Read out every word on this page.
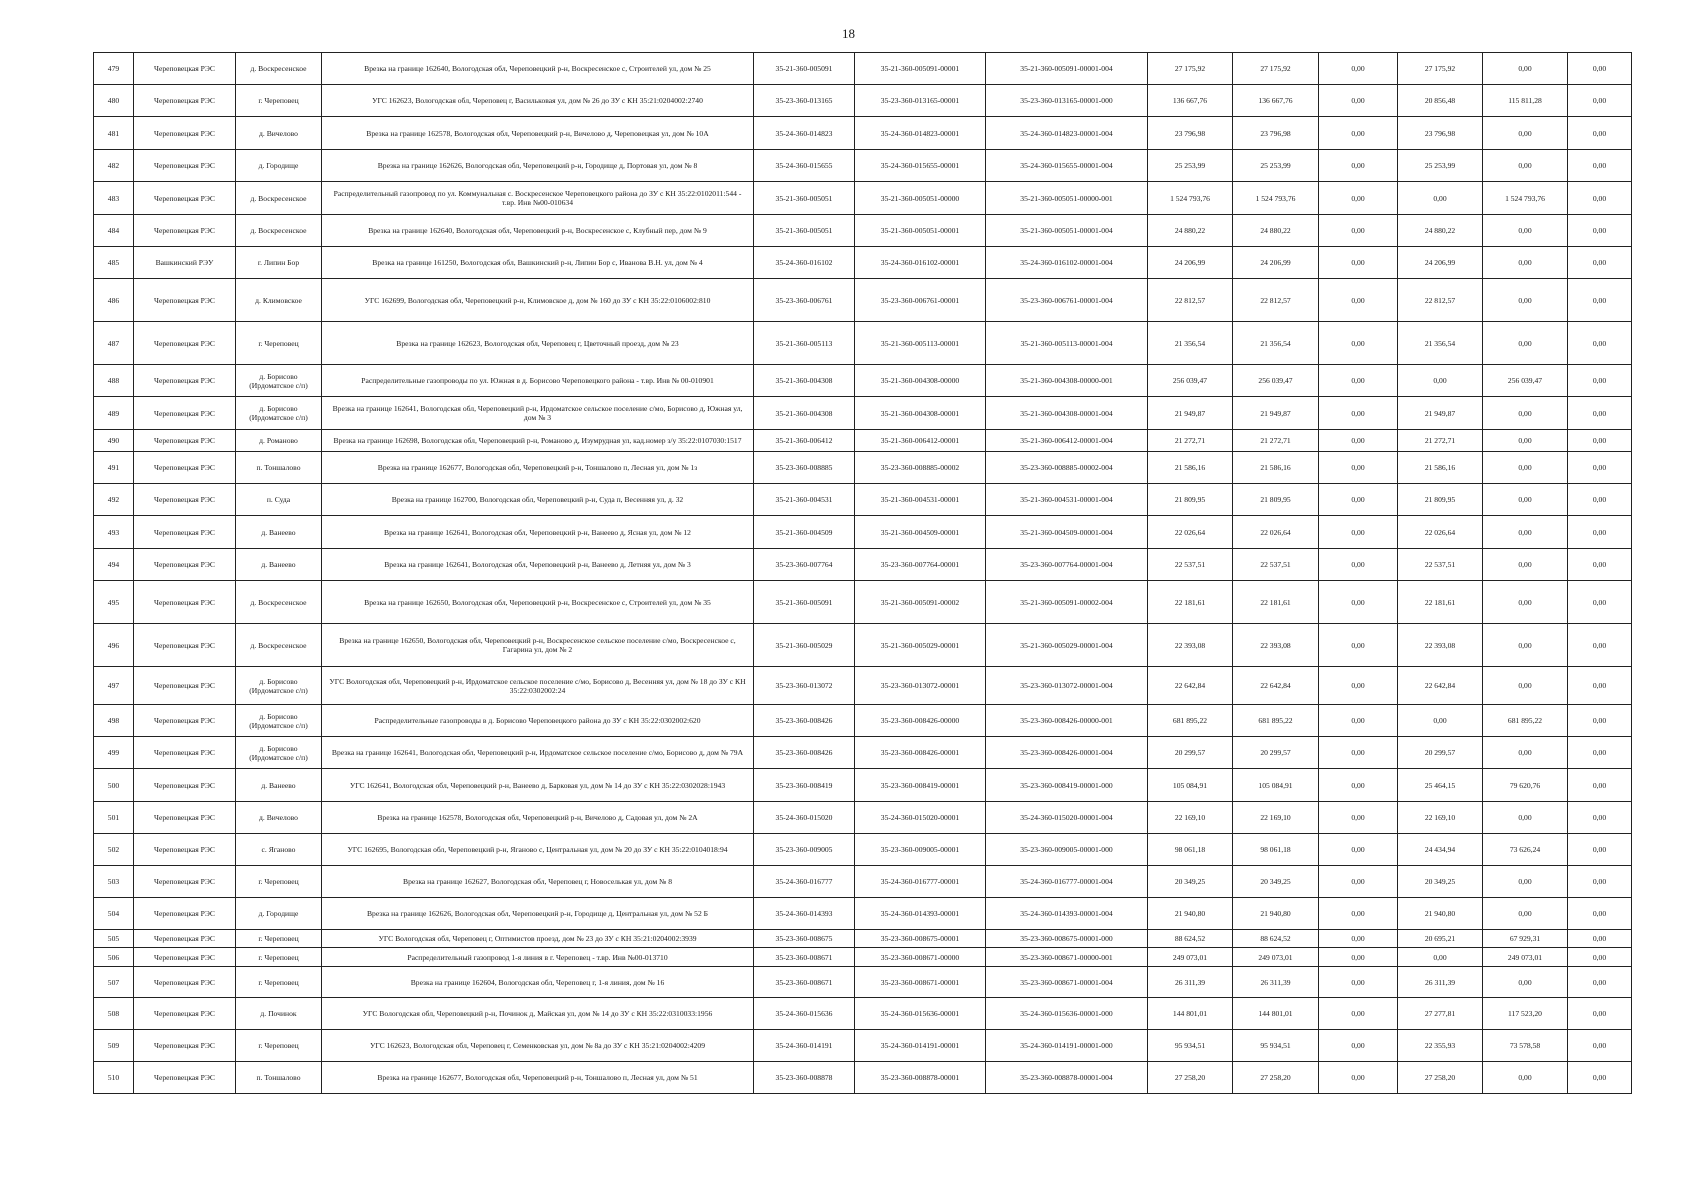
18
479	Череповецкая РЭС	д. Воскресенское	Врезка на границе 162640, Вологодская обл, Череповецкий р-н, Воскресенское с, Строителей ул, дом № 25	35-21-360-005091	35-21-360-005091-00001	35-21-360-005091-00001-004	27 175,92	27 175,92	0,00	27 175,92	0,00	0,00
480	Череповецкая РЭС	г. Череповец	УГС 162623, Вологодская обл, Череповец г, Васильковая ул, дом № 26 до ЗУ с КН 35:21:0204002:2740	35-23-360-013165	35-23-360-013165-00001	35-23-360-013165-00001-000	136 667,76	136 667,76	0,00	20 856,48	115 811,28	0,00
481	Череповецкая РЭС	д. Вичелово	Врезка на границе 162578, Вологодская обл, Череповецкий р-н, Вичелово д, Череповецкая ул, дом № 10А	35-24-360-014823	35-24-360-014823-00001	35-24-360-014823-00001-004	23 796,98	23 796,98	0,00	23 796,98	0,00	0,00
482	Череповецкая РЭС	д. Городище	Врезка на границе 162626, Вологодская обл, Череповецкий р-н, Городище д, Портовая ул, дом № 8	35-24-360-015655	35-24-360-015655-00001	35-24-360-015655-00001-004	25 253,99	25 253,99	0,00	25 253,99	0,00	0,00
483	Череповецкая РЭС	д. Воскресенское	Распределительный газопровод по ул. Коммунальная с. Воскресенское Череповецкого района до ЗУ с КН 35:22:0102011:544 - т.вр. Инв №00-010634	35-21-360-005051	35-21-360-005051-00000	35-21-360-005051-00000-001	1 524 793,76	1 524 793,76	0,00	0,00	1 524 793,76	0,00
484	Череповецкая РЭС	д. Воскресенское	Врезка на границе 162640, Вологодская обл, Череповецкий р-н, Воскресенское с, Клубный пер, дом № 9	35-21-360-005051	35-21-360-005051-00001	35-21-360-005051-00001-004	24 880,22	24 880,22	0,00	24 880,22	0,00	0,00
485	Вашкинский РЭУ	г. Липин Бор	Врезка на границе 161250, Вологодская обл, Вашкинский р-н, Липин Бор с, Иванова В.Н. ул, дом № 4	35-24-360-016102	35-24-360-016102-00001	35-24-360-016102-00001-004	24 206,99	24 206,99	0,00	24 206,99	0,00	0,00
486	Череповецкая РЭС	д. Климовское	УГС 162699, Вологодская обл, Череповецкий р-н, Климовское д, дом № 160 до ЗУ с КН 35:22:0106002:810	35-23-360-006761	35-23-360-006761-00001	35-23-360-006761-00001-004	22 812,57	22 812,57	0,00	22 812,57	0,00	0,00
487	Череповецкая РЭС	г. Череповец	Врезка на границе 162623, Вологодская обл, Череповец г, Цветочный проезд, дом № 23	35-21-360-005113	35-21-360-005113-00001	35-21-360-005113-00001-004	21 356,54	21 356,54	0,00	21 356,54	0,00	0,00
488	Череповецкая РЭС	д. Борисово (Ирдоматское с/п)	Распределительные газопроводы по ул. Южная в д. Борисово Череповецкого района - т.вр. Инв № 00-010901	35-21-360-004308	35-21-360-004308-00000	35-21-360-004308-00000-001	256 039,47	256 039,47	0,00	0,00	256 039,47	0,00
489	Череповецкая РЭС	д. Борисово (Ирдоматское с/п)	Врезка на границе 162641, Вологодская обл, Череповецкий р-н, Ирдоматское сельское поселение с/мо, Борисово д, Южная ул, дом № 3	35-21-360-004308	35-21-360-004308-00001	35-21-360-004308-00001-004	21 949,87	21 949,87	0,00	21 949,87	0,00	0,00
490	Череповецкая РЭС	д. Романово	Врезка на границе 162698, Вологодская обл, Череповецкий р-н, Романово д, Изумрудная ул, кад.номер з/у 35:22:0107030:1517	35-21-360-006412	35-21-360-006412-00001	35-21-360-006412-00001-004	21 272,71	21 272,71	0,00	21 272,71	0,00	0,00
491	Череповецкая РЭС	п. Тоншалово	Врезка на границе 162677, Вологодская обл, Череповецкий р-н, Тоншалово п, Лесная ул, дом № 1з	35-23-360-008885	35-23-360-008885-00002	35-23-360-008885-00002-004	21 586,16	21 586,16	0,00	21 586,16	0,00	0,00
492	Череповецкая РЭС	п. Суда	Врезка на границе 162700, Вологодская обл, Череповецкий р-н, Суда п, Весенняя ул, д. 32	35-21-360-004531	35-21-360-004531-00001	35-21-360-004531-00001-004	21 809,95	21 809,95	0,00	21 809,95	0,00	0,00
493	Череповецкая РЭС	д. Ванеево	Врезка на границе 162641, Вологодская обл, Череповецкий р-н, Ванеево д, Ясная ул, дом № 12	35-21-360-004509	35-21-360-004509-00001	35-21-360-004509-00001-004	22 026,64	22 026,64	0,00	22 026,64	0,00	0,00
494	Череповецкая РЭС	д. Ванеево	Врезка на границе 162641, Вологодская обл, Череповецкий р-н, Ванеево д, Летняя ул, дом № 3	35-23-360-007764	35-23-360-007764-00001	35-23-360-007764-00001-004	22 537,51	22 537,51	0,00	22 537,51	0,00	0,00
495	Череповецкая РЭС	д. Воскресенское	Врезка на границе 162650, Вологодская обл, Череповецкий р-н, Воскресенское с, Строителей ул, дом № 35	35-21-360-005091	35-21-360-005091-00002	35-21-360-005091-00002-004	22 181,61	22 181,61	0,00	22 181,61	0,00	0,00
496	Череповецкая РЭС	д. Воскресенское	Врезка на границе 162650, Вологодская обл, Череповецкий р-н, Воскресенское сельское поселение с/мо, Воскресенское с, Гагарина ул, дом № 2	35-21-360-005029	35-21-360-005029-00001	35-21-360-005029-00001-004	22 393,08	22 393,08	0,00	22 393,08	0,00	0,00
497	Череповецкая РЭС	д. Борисово (Ирдоматское с/п)	УГС Вологодская обл, Череповецкий р-н, Ирдоматское сельское поселение с/мо, Борисово д, Весенняя ул, дом № 18 до ЗУ с КН 35:22:0302002:24	35-23-360-013072	35-23-360-013072-00001	35-23-360-013072-00001-004	22 642,84	22 642,84	0,00	22 642,84	0,00	0,00
498	Череповецкая РЭС	д. Борисово (Ирдоматское с/п)	Распределительные газопроводы в д. Борисово Череповецкого района до ЗУ с КН 35:22:0302002:620	35-23-360-008426	35-23-360-008426-00000	35-23-360-008426-00000-001	681 895,22	681 895,22	0,00	0,00	681 895,22	0,00
499	Череповецкая РЭС	д. Борисово (Ирдоматское с/п)	Врезка на границе 162641, Вологодская обл, Череповецкий р-н, Ирдоматское сельское поселение с/мо, Борисово д, дом № 79А	35-23-360-008426	35-23-360-008426-00001	35-23-360-008426-00001-004	20 299,57	20 299,57	0,00	20 299,57	0,00	0,00
500	Череповецкая РЭС	д. Ванеево	УГС 162641, Вологодская обл, Череповецкий р-н, Ванеево д, Барковая ул, дом № 14 до ЗУ с КН 35:22:0302028:1943	35-23-360-008419	35-23-360-008419-00001	35-23-360-008419-00001-000	105 084,91	105 084,91	0,00	25 464,15	79 620,76	0,00
501	Череповецкая РЭС	д. Вичелово	Врезка на границе 162578, Вологодская обл, Череповецкий р-н, Вичелово д, Садовая ул, дом № 2А	35-24-360-015020	35-24-360-015020-00001	35-24-360-015020-00001-004	22 169,10	22 169,10	0,00	22 169,10	0,00	0,00
502	Череповецкая РЭС	с. Яганово	УГС 162695, Вологодская обл, Череповецкий р-н, Яганово с, Центральная ул, дом № 20 до ЗУ с КН 35:22:0104018:94	35-23-360-009005	35-23-360-009005-00001	35-23-360-009005-00001-000	98 061,18	98 061,18	0,00	24 434,94	73 626,24	0,00
503	Череповецкая РЭС	г. Череповец	Врезка на границе 162627, Вологодская обл, Череповец г, Новоселькая ул, дом № 8	35-24-360-016777	35-24-360-016777-00001	35-24-360-016777-00001-004	20 349,25	20 349,25	0,00	20 349,25	0,00	0,00
504	Череповецкая РЭС	д. Городище	Врезка на границе 162626, Вологодская обл, Череповецкий р-н, Городище д, Центральная ул, дом № 52 Б	35-24-360-014393	35-24-360-014393-00001	35-24-360-014393-00001-004	21 940,80	21 940,80	0,00	21 940,80	0,00	0,00
505	Череповецкая РЭС	г. Череповец	УГС Вологодская обл, Череповец г, Оптимистов проезд, дом № 23 до ЗУ с КН 35:21:0204002:3939	35-23-360-008675	35-23-360-008675-00001	35-23-360-008675-00001-000	88 624,52	88 624,52	0,00	20 695,21	67 929,31	0,00
506	Череповецкая РЭС	г. Череповец	Распределительный газопровод 1-я линия в г. Череповец - т.вр. Инв №00-013710	35-23-360-008671	35-23-360-008671-00000	35-23-360-008671-00000-001	249 073,01	249 073,01	0,00	0,00	249 073,01	0,00
507	Череповецкая РЭС	г. Череповец	Врезка на границе 162604, Вологодская обл, Череповец г, 1-я линия, дом № 16	35-23-360-008671	35-23-360-008671-00001	35-23-360-008671-00001-004	26 311,39	26 311,39	0,00	26 311,39	0,00	0,00
508	Череповецкая РЭС	д. Починок	УГС Вологодская обл, Череповецкий р-н, Починок д, Майская ул, дом № 14 до ЗУ с КН 35:22:0310033:1956	35-24-360-015636	35-24-360-015636-00001	35-24-360-015636-00001-000	144 801,01	144 801,01	0,00	27 277,81	117 523,20	0,00
509	Череповецкая РЭС	г. Череповец	УГС 162623, Вологодская обл, Череповец г, Семенковская ул, дом № 8а до ЗУ с КН 35:21:0204002:4209	35-24-360-014191	35-24-360-014191-00001	35-24-360-014191-00001-000	95 934,51	95 934,51	0,00	22 355,93	73 578,58	0,00
510	Череповецкая РЭС	п. Тоншалово	Врезка на границе 162677, Вологодская обл, Череповецкий р-н, Тоншалово п, Лесная ул, дом № 51	35-23-360-008878	35-23-360-008878-00001	35-23-360-008878-00001-004	27 258,20	27 258,20	0,00	27 258,20	0,00	0,00
